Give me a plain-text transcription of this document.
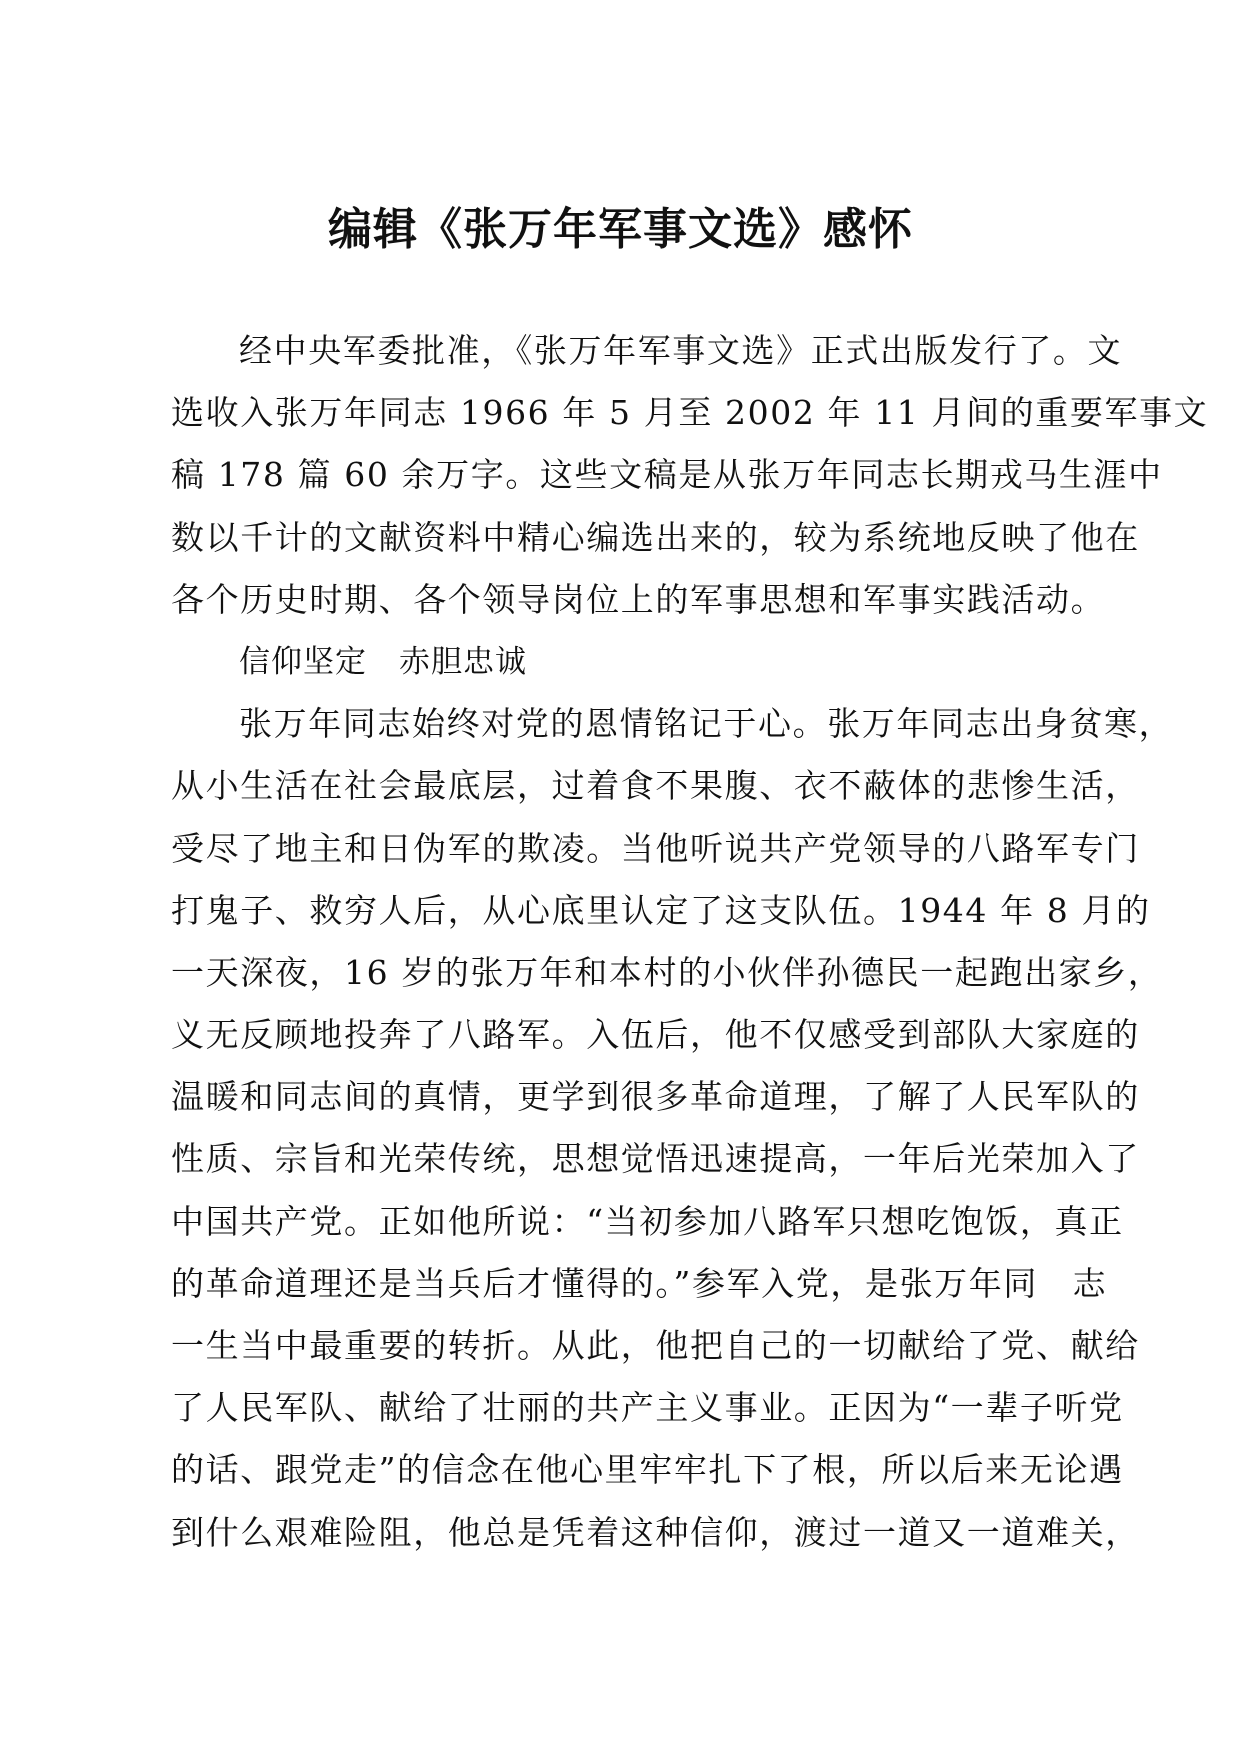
编辑《张万年军事文选》感怀
经中央军委批准，《张万年军事文选》正式出版发行了。文
选收入张万年同志 1966 年 5 月至 2002 年 11 月间的重要军事文
稿 178 篇 60 余万字。这些文稿是从张万年同志长期戎马生涯中
数以千计的文献资料中精心编选出来的，较为系统地反映了他在
各个历史时期、各个领导岗位上的军事思想和军事实践活动。
信仰坚定　赤胆忠诚
张万年同志始终对党的恩情铭记于心。张万年同志出身贫寒，
从小生活在社会最底层，过着食不果腹、衣不蔽体的悲惨生活，
受尽了地主和日伪军的欺凌。当他听说共产党领导的八路军专门
打鬼子、救穷人后，从心底里认定了这支队伍。1944 年 8 月的
一天深夜，16 岁的张万年和本村的小伙伴孙德民一起跑出家乡，
义无反顾地投奔了八路军。入伍后，他不仅感受到部队大家庭的
温暖和同志间的真情，更学到很多革命道理，了解了人民军队的
性质、宗旨和光荣传统，思想觉悟迅速提高，一年后光荣加入了
中国共产党。正如他所说：“当初参加八路军只想吃饱饭，真正
的革命道理还是当兵后才懂得的。”参军入党，是张万年同　志
一生当中最重要的转折。从此，他把自己的一切献给了党、献给
了人民军队、献给了壮丽的共产主义事业。正因为“一辈子听党
的话、跟党走”的信念在他心里牢牢扎下了根，所以后来无论遇
到什么艰难险阻，他总是凭着这种信仰，渡过一道又一道难关，
